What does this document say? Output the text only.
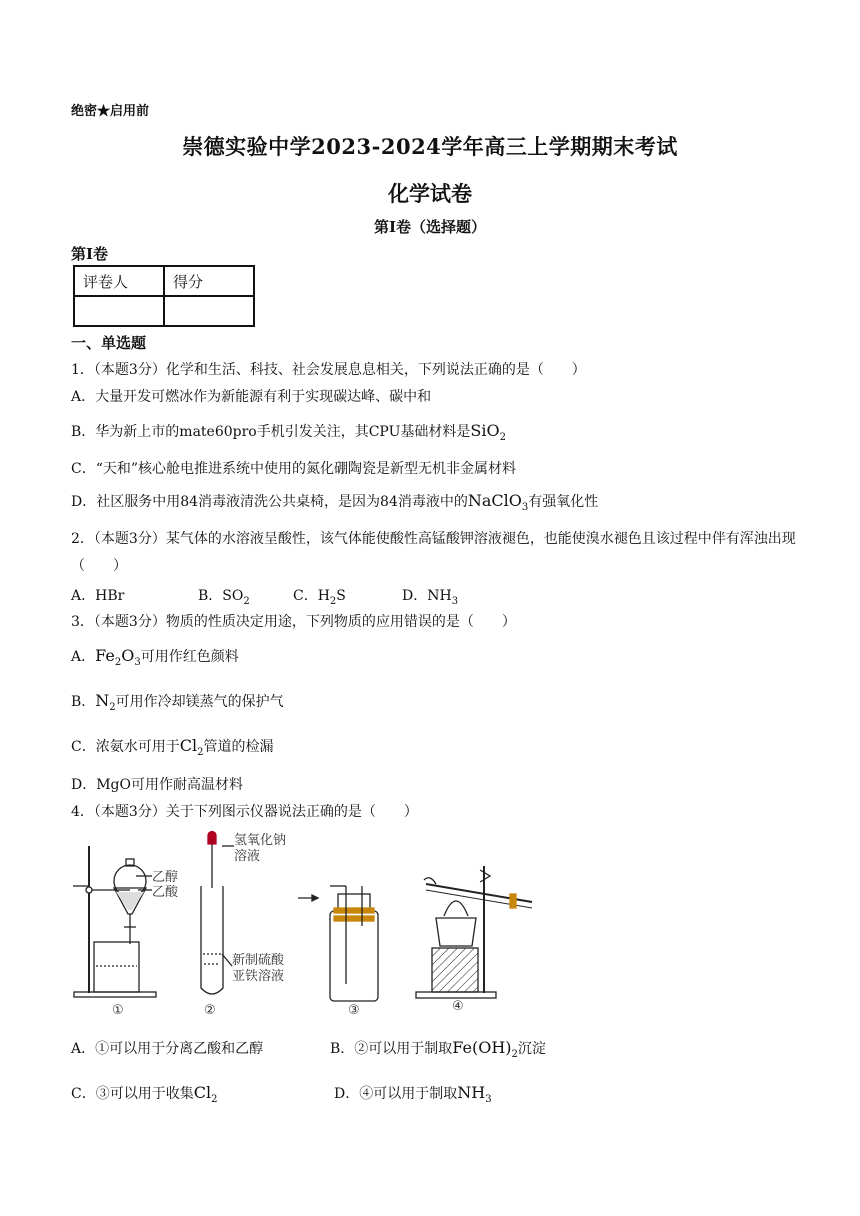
绝密★启用前
崇德实验中学2023-2024学年高三上学期期末考试
化学试卷
第I卷（选择题）
第I卷
评卷人	得分

一、单选题
1．（本题3分）化学和生活、科技、社会发展息息相关，下列说法正确的是（　　）
A．大量开发可燃冰作为新能源有利于实现碳达峰、碳中和
B．华为新上市的mate60pro手机引发关注，其CPU基础材料是SiO$_2$
C．“天和”核心舱电推进系统中使用的氮化硼陶瓷是新型无机非金属材料
D．社区服务中用84消毒液清洗公共桌椅，是因为84消毒液中的NaClO$_3$有强氧化性
2．（本题3分）某气体的水溶液呈酸性，该气体能使酸性高锰酸钾溶液褪色，也能使溴水褪色且该过程中伴有浑浊出现（　　）
A．HBr	B．$SO_2$	C．$H_2S$	D．$NH_3$
3．（本题3分）物质的性质决定用途，下列物质的应用错误的是（　　）
A．$Fe_2O_3$可用作红色颜料
B．$N_2$可用作冷却镁蒸气的保护气
C．浓氨水可用于$Cl_2$管道的检漏
D．MgO可用作耐高温材料
4．（本题3分）关于下列图示仪器说法正确的是（　　）
乙醇
乙酸
氢氧化钠
溶液
新制硫酸
亚铁溶液
①	②	③	④
A．①可以用于分离乙酸和乙醇	B．②可以用于制取$Fe(OH)_2$沉淀
C．③可以用于收集$Cl_2$	D．④可以用于制取$NH_3$
